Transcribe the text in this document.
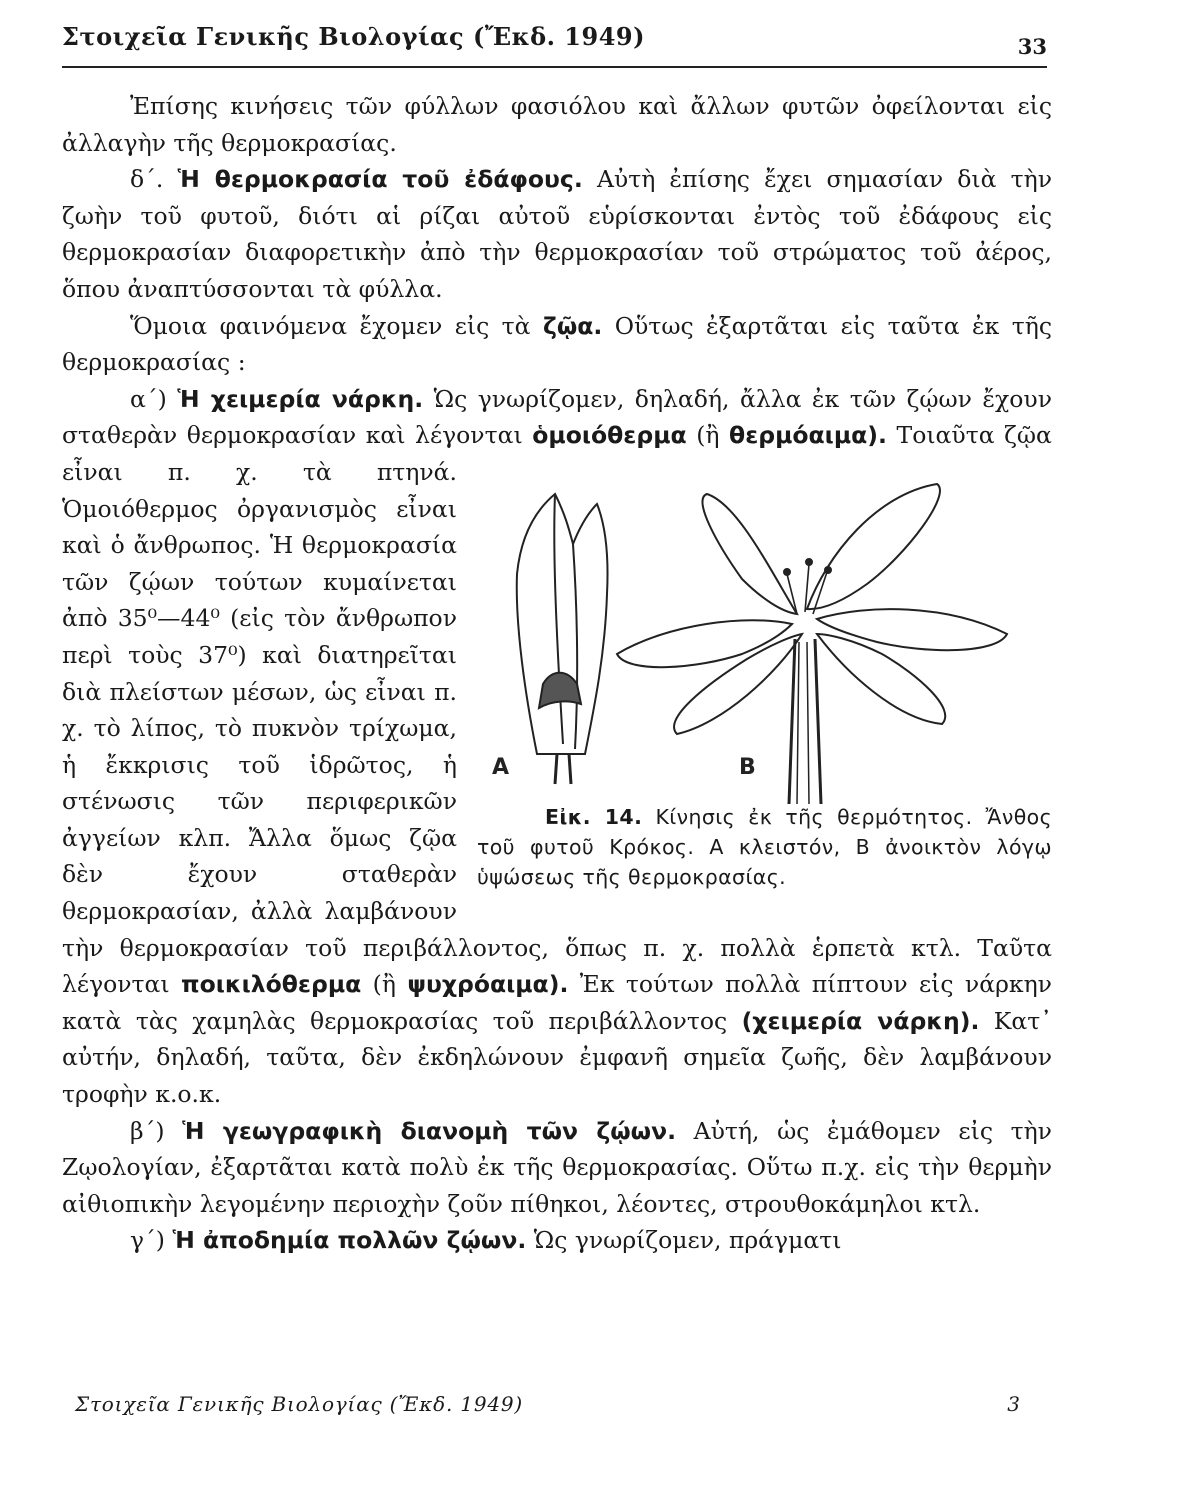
Στοιχεῖα Γενικῆς Βιολογίας (Ἔκδ. 1949)	33

Ἐπίσης κινήσεις τῶν φύλλων φασιόλου καὶ ἄλλων φυτῶν ὀφείλονται εἰς ἀλλαγὴν τῆς θερμοκρασίας.

δ΄. Ἡ θερμοκρασία τοῦ ἐδάφους. Αὐτὴ ἐπίσης ἔχει σημασίαν διὰ τὴν ζωὴν τοῦ φυτοῦ, διότι αἱ ρίζαι αὐτοῦ εὑρίσκονται ἐντὸς τοῦ ἐδάφους εἰς θερμοκρασίαν διαφορετικὴν ἀπὸ τὴν θερμοκρασίαν τοῦ στρώματος τοῦ ἀέρος, ὅπου ἀναπτύσσονται τὰ φύλλα.

Ὅμοια φαινόμενα ἔχομεν εἰς τὰ ζῷα. Οὕτως ἐξαρτᾶται εἰς ταῦτα ἐκ τῆς θερμοκρασίας :

α΄) Ἡ χειμερία νάρκη. Ὡς γνωρίζομεν, δηλαδή, ἄλλα ἐκ τῶν ζῴων ἔχουν σταθερὰν θερμοκρασίαν καὶ λέγονται ὁμοιόθερμα (ἢ θερμόαιμα).
A	B
Εἰκ. 14. Κίνησις ἐκ τῆς θερμότητος. Ἄνθος τοῦ φυτοῦ Κρόκος. Α κλειστόν, Β ἀνοικτὸν λόγῳ ὑψώσεως τῆς θερμοκρασίας.
Τοιαῦτα ζῷα εἶναι π. χ. τὰ πτηνά. Ὁμοιόθερμος ὀργανισμὸς εἶναι καὶ ὁ ἄνθρωπος. Ἡ θερμοκρασία τῶν ζῴων τούτων κυμαίνεται ἀπὸ 35⁰—44⁰ (εἰς τὸν ἄνθρωπον περὶ τοὺς 37⁰) καὶ διατηρεῖται διὰ πλείστων μέσων, ὡς εἶναι π. χ. τὸ λίπος, τὸ πυκνὸν τρίχωμα, ἡ ἔκκρισις τοῦ ἱδρῶτος, ἡ στένωσις τῶν περιφερικῶν ἀγγείων κλπ. Ἄλλα ὅμως ζῷα δὲν ἔχουν σταθερὰν θερμοκρασίαν, ἀλλὰ λαμβάνουν τὴν θερμοκρασίαν τοῦ περιβάλλοντος, ὅπως π. χ. πολλὰ ἑρπετὰ κτλ. Ταῦτα λέγονται ποικιλόθερμα (ἢ ψυχρόαιμα). Ἐκ τούτων πολλὰ πίπτουν εἰς νάρκην κατὰ τὰς χαμηλὰς θερμοκρασίας τοῦ περιβάλλοντος (χειμερία νάρκη). Κατ᾽ αὐτήν, δηλαδή, ταῦτα, δὲν ἐκδηλώνουν ἐμφανῆ σημεῖα ζωῆς, δὲν λαμβάνουν τροφὴν κ.ο.κ.

β΄) Ἡ γεωγραφικὴ διανομὴ τῶν ζῴων. Αὐτή, ὡς ἐμάθομεν εἰς τὴν Ζῳολογίαν, ἐξαρτᾶται κατὰ πολὺ ἐκ τῆς θερμοκρασίας. Οὕτω π.χ. εἰς τὴν θερμὴν αἰθιοπικὴν λεγομένην περιοχὴν ζοῦν πίθηκοι, λέοντες, στρουθοκάμηλοι κτλ.

γ΄) Ἡ ἀποδημία πολλῶν ζῴων. Ὡς γνωρίζομεν, πράγματι

Στοιχεῖα Γενικῆς Βιολογίας (Ἔκδ. 1949)	3
